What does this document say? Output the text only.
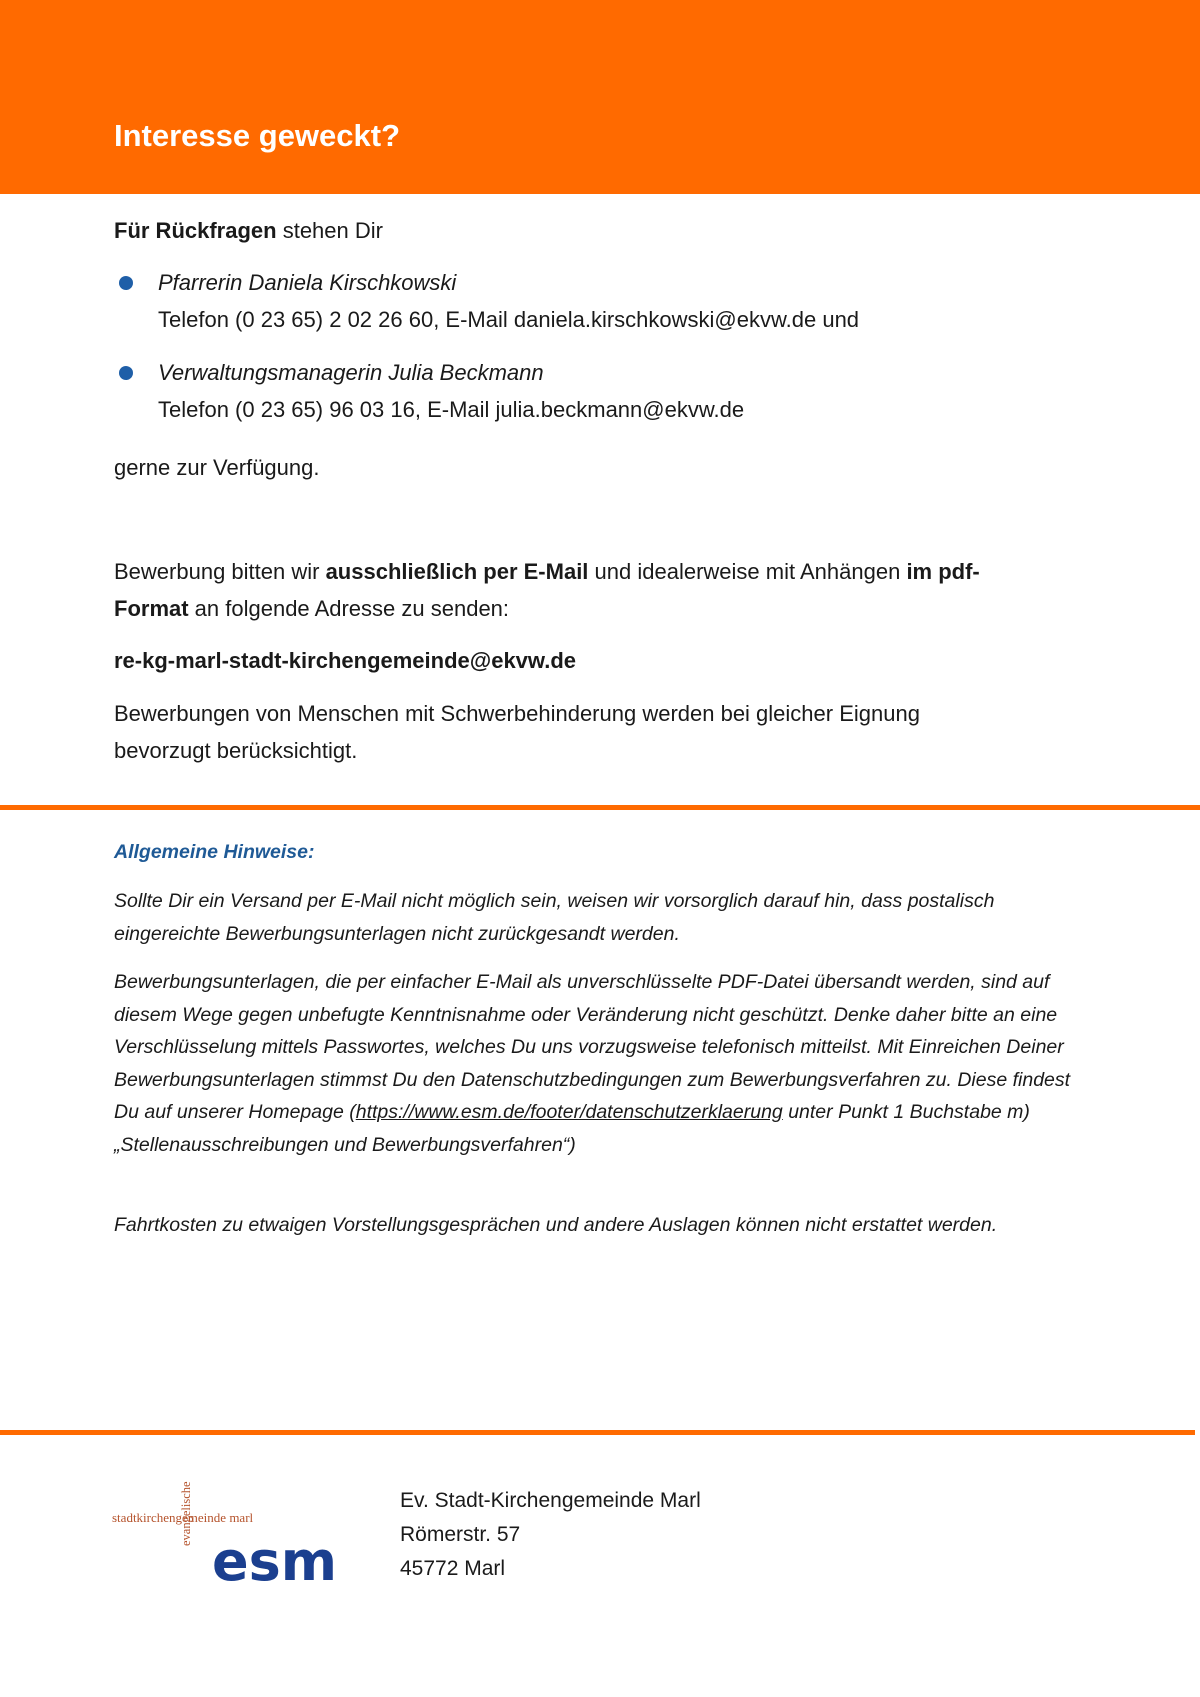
Interesse geweckt?
Für Rückfragen stehen Dir
Pfarrerin Daniela Kirschkowski
Telefon (0 23 65) 2 02 26 60, E-Mail daniela.kirschkowski@ekvw.de und
Verwaltungsmanagerin Julia Beckmann
Telefon (0 23 65) 96 03 16, E-Mail julia.beckmann@ekvw.de
gerne zur Verfügung.
Bewerbung bitten wir ausschließlich per E-Mail und idealerweise mit Anhängen im pdf-Format an folgende Adresse zu senden:
re-kg-marl-stadt-kirchengemeinde@ekvw.de
Bewerbungen von Menschen mit Schwerbehinderung werden bei gleicher Eignung bevorzugt berücksichtigt.
Allgemeine Hinweise:
Sollte Dir ein Versand per E-Mail nicht möglich sein, weisen wir vorsorglich darauf hin, dass postalisch eingereichte Bewerbungsunterlagen nicht zurückgesandt werden.
Bewerbungsunterlagen, die per einfacher E-Mail als unverschlüsselte PDF-Datei übersandt werden, sind auf diesem Wege gegen unbefugte Kenntnisnahme oder Veränderung nicht geschützt. Denke daher bitte an eine Verschlüsselung mittels Passwortes, welches Du uns vorzugsweise telefonisch mitteilst. Mit Einreichen Deiner Bewerbungsunterlagen stimmst Du den Datenschutzbedingungen zum Bewerbungsverfahren zu. Diese findest Du auf unserer Homepage (https://www.esm.de/footer/datenschutzerklaerung unter Punkt 1 Buchstabe m) „Stellenausschreibungen und Bewerbungsverfahren“)
Fahrtkosten zu etwaigen Vorstellungsgesprächen und andere Auslagen können nicht erstattet werden.
evangelische
stadtkirchengemeinde marl
esm
Ev. Stadt-Kirchengemeinde Marl
Römerstr. 57
45772 Marl
